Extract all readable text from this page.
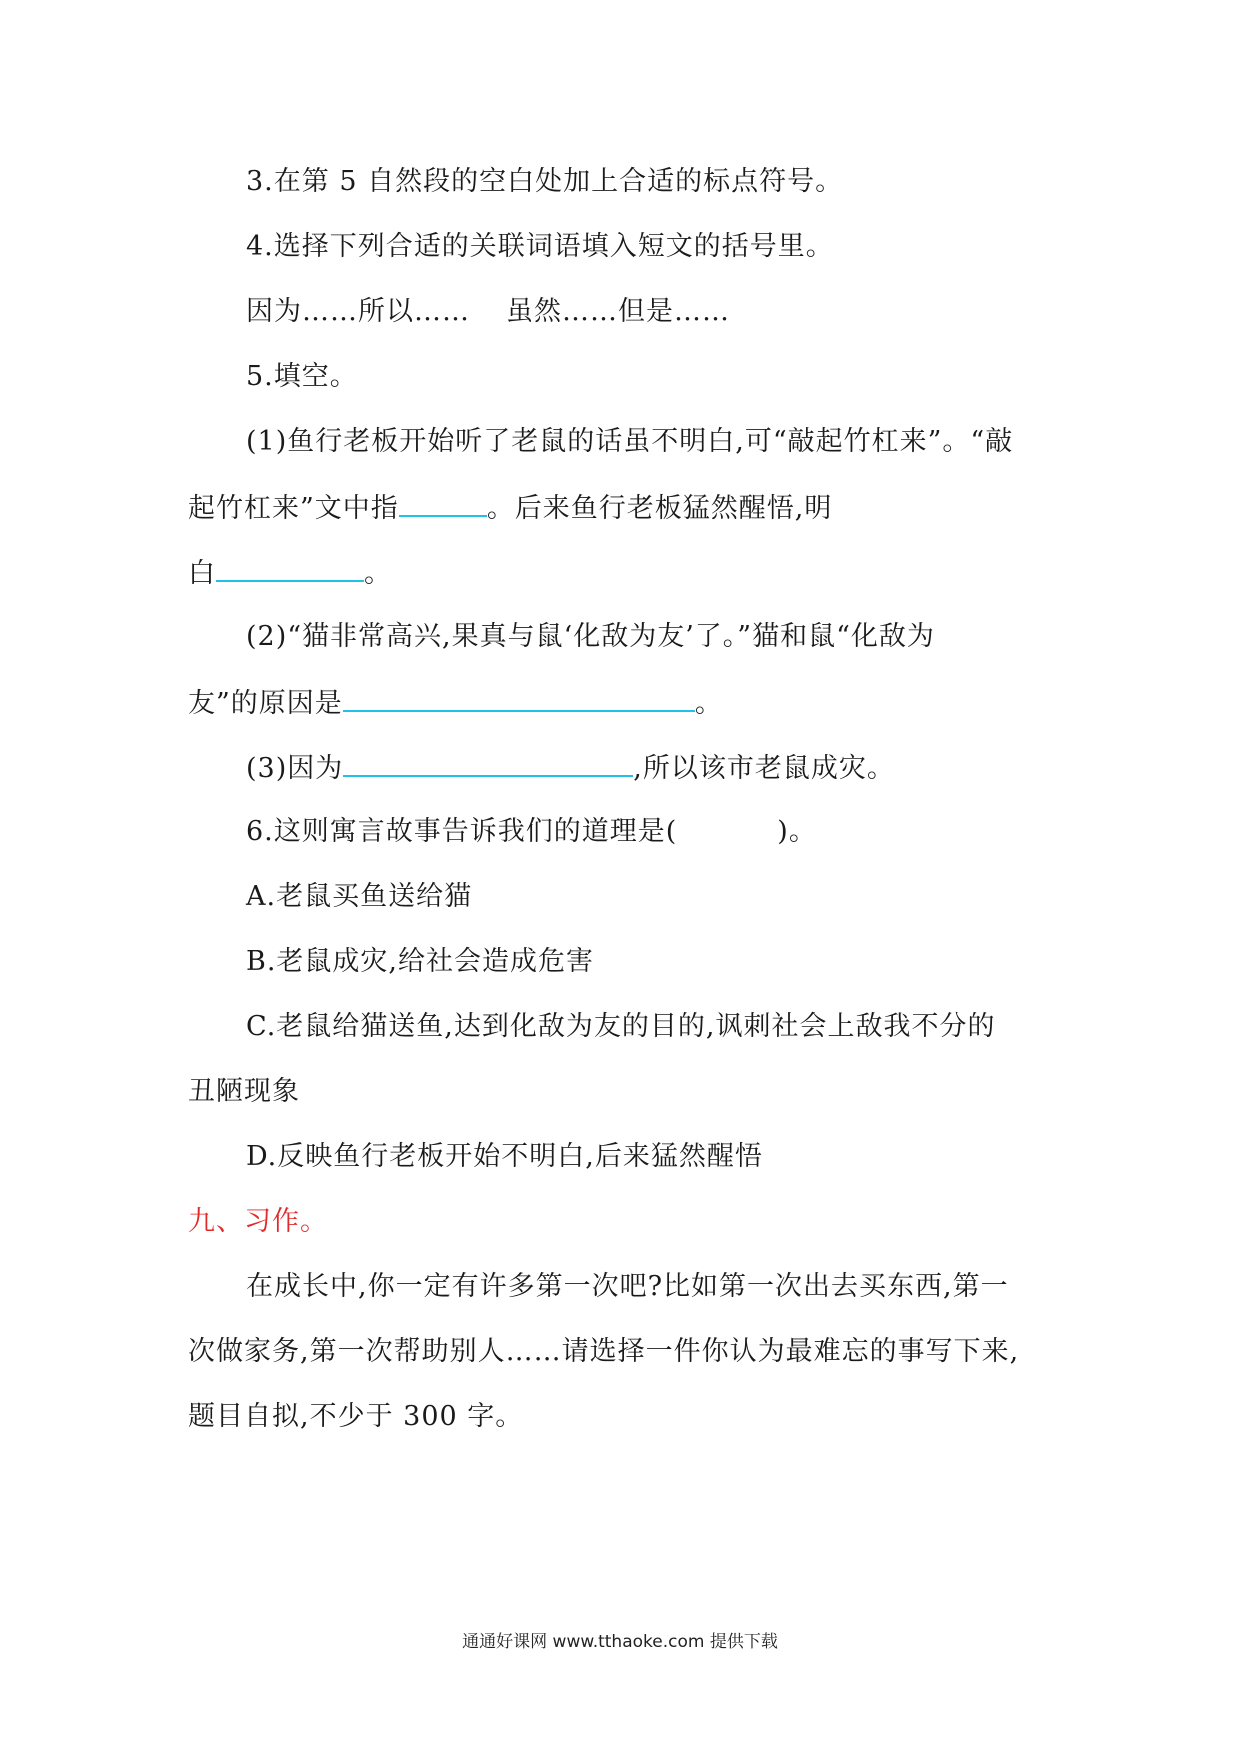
3.在第 5 自然段的空白处加上合适的标点符号。
4.选择下列合适的关联词语填入短文的括号里。
因为……所以…… 虽然……但是……
5.填空。
(1)鱼行老板开始听了老鼠的话虽不明白,可“敲起竹杠来”。“敲
起竹杠来”文中指	。后来鱼行老板猛然醒悟,明
白	。
(2)“猫非常高兴,果真与鼠‘化敌为友’了。”猫和鼠“化敌为
友”的原因是	。
(3)因为	,所以该市老鼠成灾。
6.这则寓言故事告诉我们的道理是(	)。
A.老鼠买鱼送给猫
B.老鼠成灾,给社会造成危害
C.老鼠给猫送鱼,达到化敌为友的目的,讽刺社会上敌我不分的
丑陋现象
D.反映鱼行老板开始不明白,后来猛然醒悟
九、习作。
在成长中,你一定有许多第一次吧?比如第一次出去买东西,第一
次做家务,第一次帮助别人……请选择一件你认为最难忘的事写下来,
题目自拟,不少于 300 字。
通通好课网 www.tthaoke.com 提供下载
